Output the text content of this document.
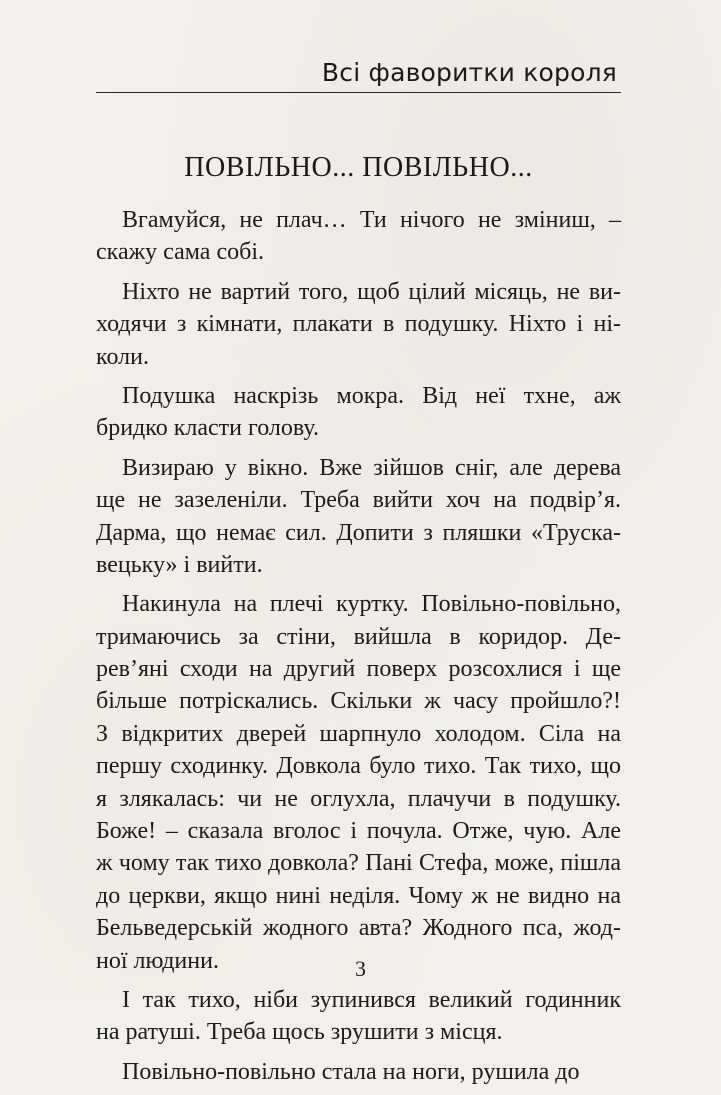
Всі фаворитки короля
ПОВІЛЬНО... ПОВІЛЬНО...
Вгамуйся, не плач… Ти нічого не зміниш, –
скажу сама собі.
Ніхто не вартий того, щоб цілий місяць, не ви-
ходячи з кімнати, плакати в подушку. Ніхто і ні-
коли.
Подушка наскрізь мокра. Від неї тхне, аж
бридко класти голову.
Визираю у вікно. Вже зійшов сніг, але дерева
ще не зазеленіли. Треба вийти хоч на подвір’я.
Дарма, що немає сил. Допити з пляшки «Труска-
вецьку» і вийти.
Накинула на плечі куртку. Повільно-повільно,
тримаючись за стіни, вийшла в коридор. Де-
рев’яні сходи на другий поверх розсохлися і ще
більше потріскались. Скільки ж часу пройшло?!
З відкритих дверей шарпнуло холодом. Сіла на
першу сходинку. Довкола було тихо. Так тихо, що
я злякалась: чи не оглухла, плачучи в подушку.
Боже! – сказала вголос і почула. Отже, чую. Але
ж чому так тихо довкола? Пані Стефа, може, пішла
до церкви, якщо нині неділя. Чому ж не видно на
Бельведерській жодного авта? Жодного пса, жод-
ної людини.
І так тихо, ніби зупинився великий годинник
на ратуші. Треба щось зрушити з місця.
Повільно-повільно стала на ноги, рушила до
3
